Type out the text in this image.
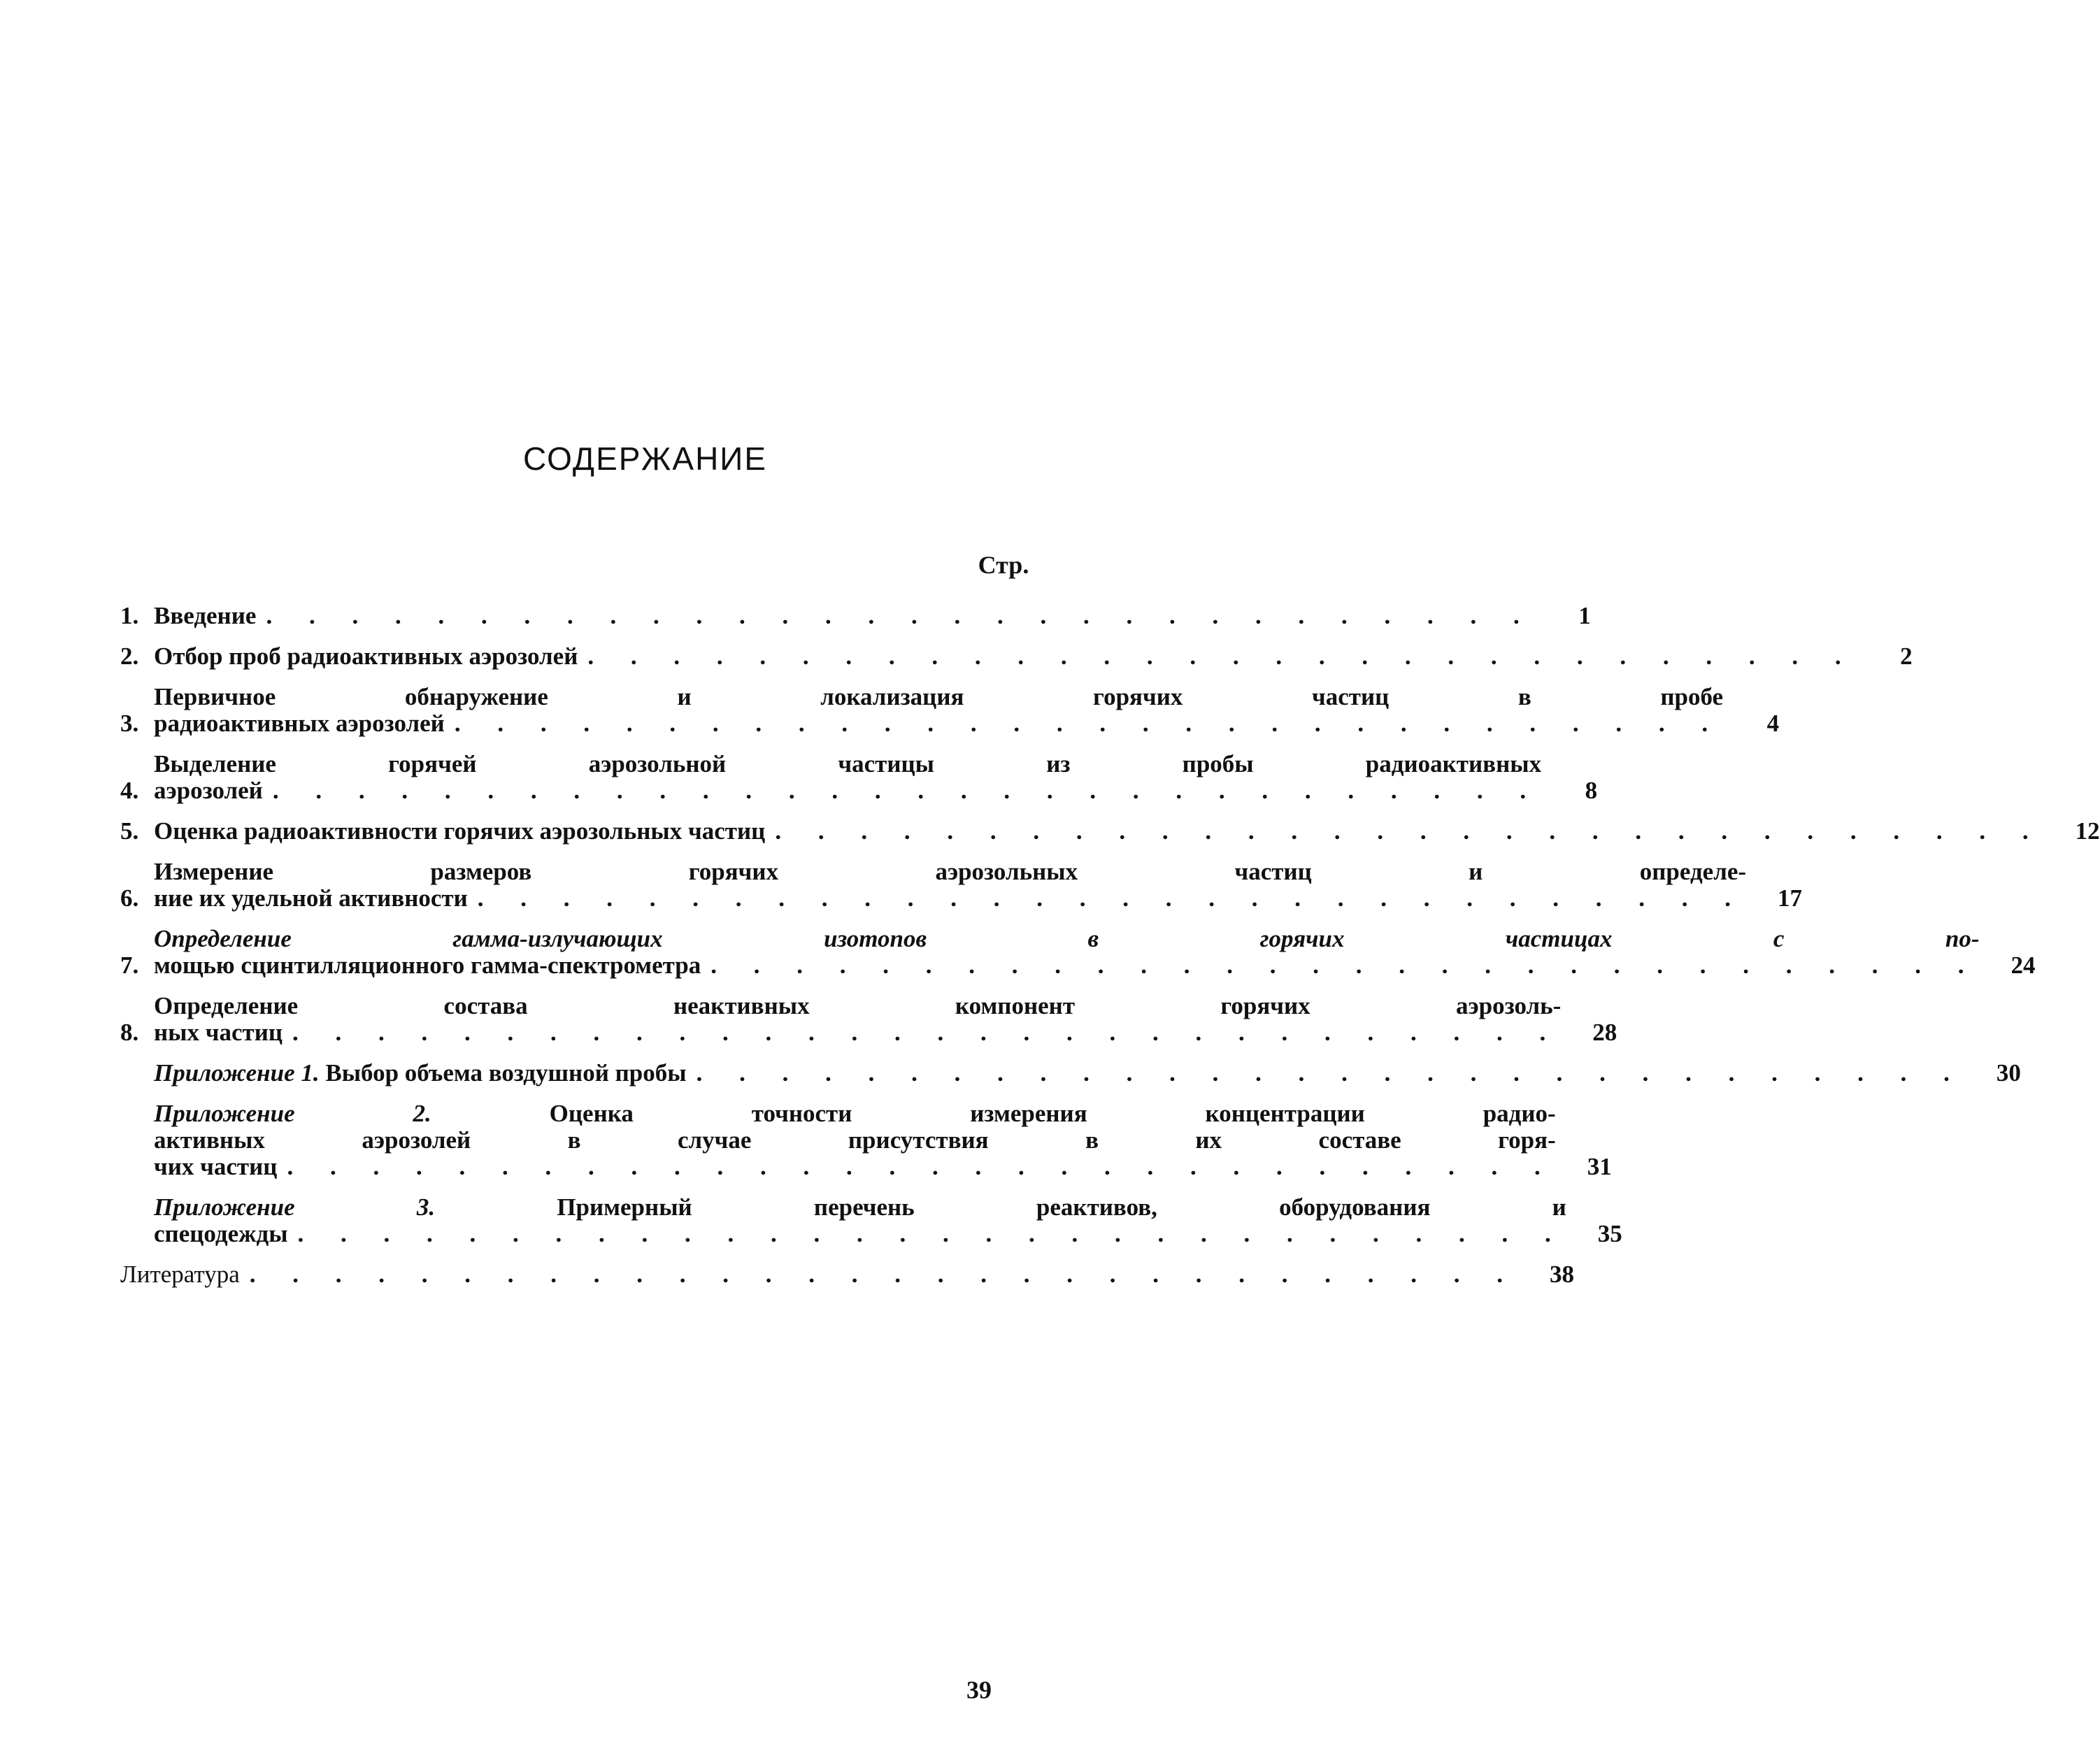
СОДЕРЖАНИЕ
Стр.
1. Введение . . . . . . . . . . . . . . . . . . . . . . . . . . . . . .	1
2. Отбор проб радиоактивных аэрозолей . . . . . . . . . . . . . . . . . . . . . . . . . . . . . .	2
3.
Первичное обнаружение и локализация горячих частиц в пробе
радиоактивных аэрозолей . . . . . . . . . . . . . . . . . . . . . . . . . . . . . .	4
4.
Выделение горячей аэрозольной частицы из пробы радиоактивных
аэрозолей . . . . . . . . . . . . . . . . . . . . . . . . . . . . . .	8
5. Оценка радиоактивности горячих аэрозольных частиц . . . . . . . . . . . . . . . . . . . . . . . . . . . . . .	12
6.
Измерение размеров горячих аэрозольных частиц и определе-
ние их удельной активности . . . . . . . . . . . . . . . . . . . . . . . . . . . . . .	17
7.
Определение гамма-излучающих изотопов в горячих частицах с по-
мощью сцинтилляционного гамма-спектрометра . . . . . . . . . . . . . . . . . . . . . . . . . . . . . .	24
8.
Определение состава неактивных компонент горячих аэрозоль-
ных частиц . . . . . . . . . . . . . . . . . . . . . . . . . . . . . .	28
Приложение 1. Выбор объема воздушной пробы . . . . . . . . . . . . . . . . . . . . . . . . . . . . . .	30
Приложение 2.	Оценка точности измерения концентрации радио-
активных аэрозолей в случае присутствия в их составе горя-
чих частиц . . . . . . . . . . . . . . . . . . . . . . . . . . . . . .	31
Приложение 3.	Примерный перечень реактивов, оборудования и
спецодежды . . . . . . . . . . . . . . . . . . . . . . . . . . . . . .	35
Литература . . . . . . . . . . . . . . . . . . . . . . . . . . . . . .	38
39
